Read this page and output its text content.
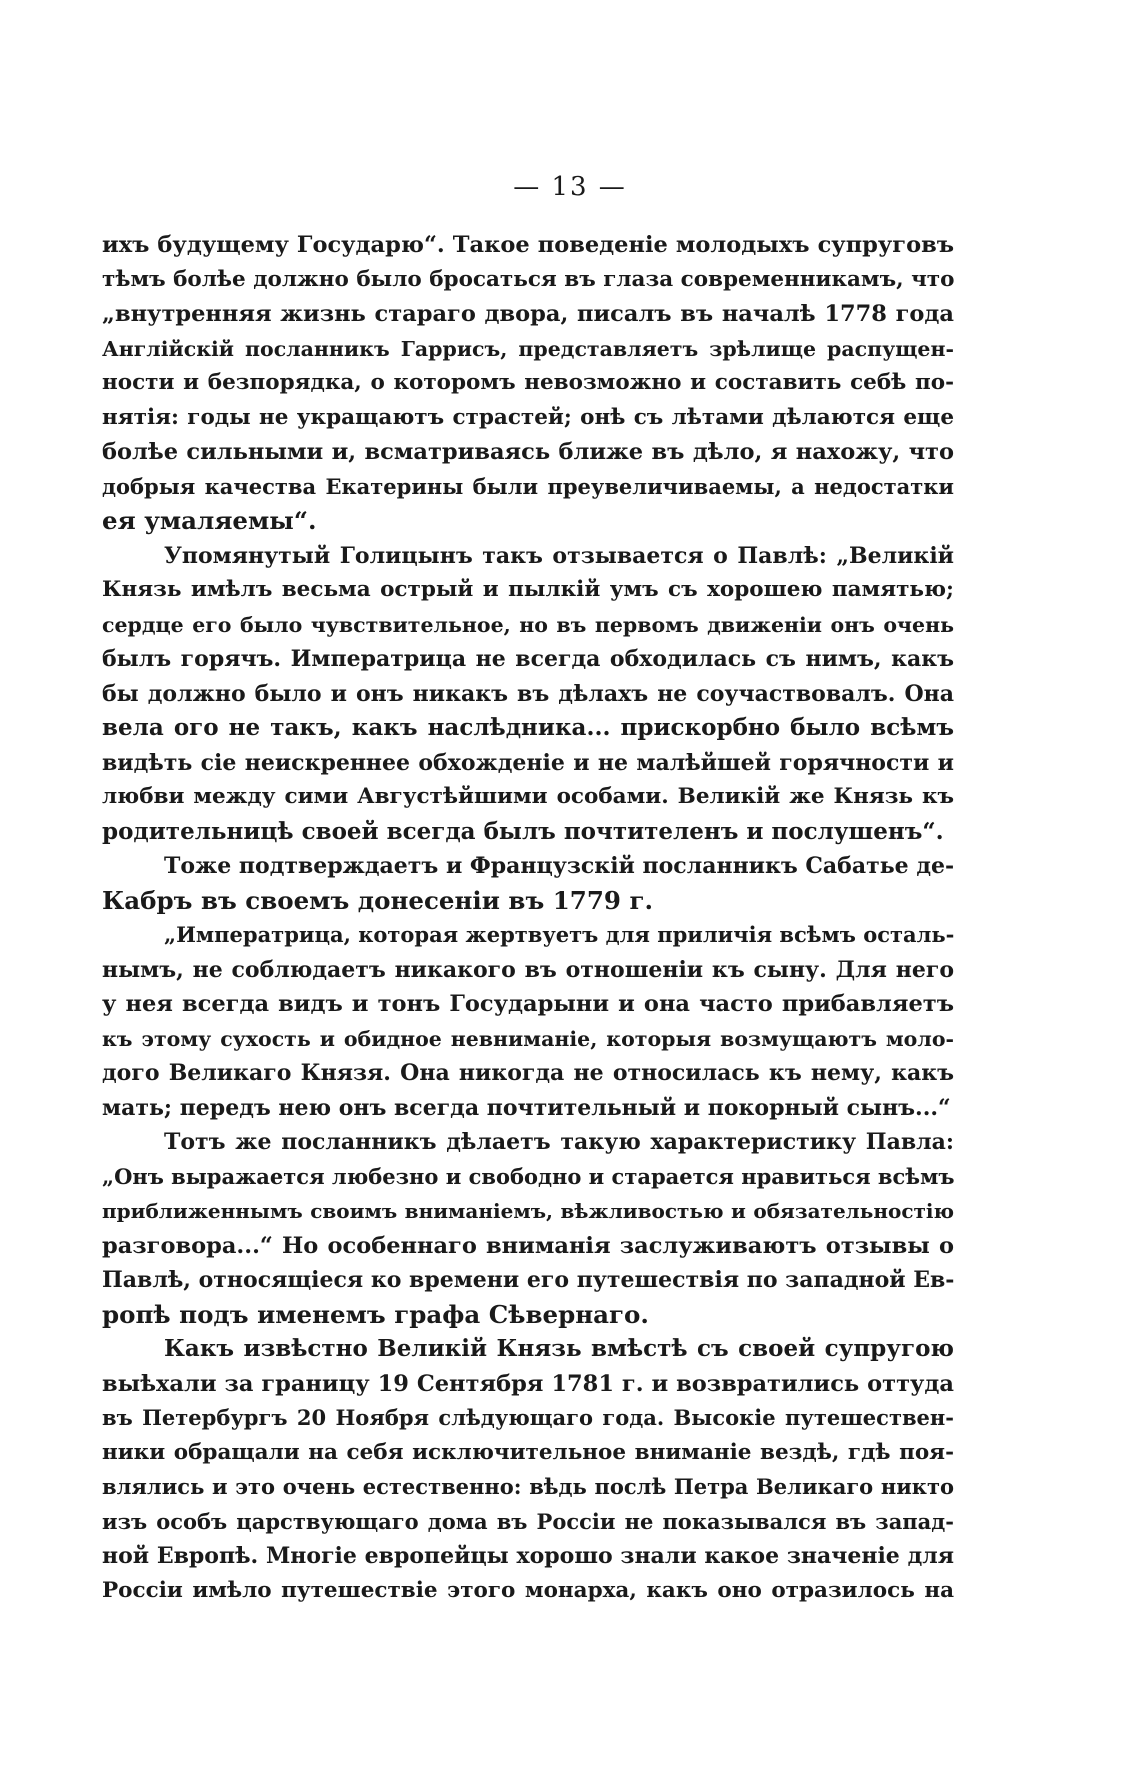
— 13 —
ихъ будущему Государю“. Такое поведеніе молодыхъ супруговъ
тѣмъ болѣе должно было бросаться въ глаза современникамъ, что
„внутренняя жизнь стараго двора, писалъ въ началѣ 1778 года
Англійскій посланникъ Гаррисъ, представляетъ зрѣлище распущен-
ности и безпорядка, о которомъ невозможно и составить себѣ по-
нятія: годы не укращаютъ страстей; онѣ съ лѣтами дѣлаются еще
болѣе сильными и, всматриваясь ближе въ дѣло, я нахожу, что
добрыя качества Екатерины были преувеличиваемы, а недостатки
ея умаляемы“.
Упомянутый Голицынъ такъ отзывается о Павлѣ: „Великій
Князь имѣлъ весьма острый и пылкій умъ съ хорошею памятью;
сердце его было чувствительное, но въ первомъ движеніи онъ очень
былъ горячъ. Императрица не всегда обходилась съ нимъ, какъ
бы должно было и онъ никакъ въ дѣлахъ не соучаствовалъ. Она
вела ого не такъ, какъ наслѣдника... прискорбно было всѣмъ
видѣть сіе неискреннее обхожденіе и не малѣйшей горячности и
любви между сими Августѣйшими особами. Великій же Князь къ
родительницѣ своей всегда былъ почтителенъ и послушенъ“.
Тоже подтверждаетъ и Французскій посланникъ Сабатье де-
Кабръ въ своемъ донесеніи въ 1779 г.
„Императрица, которая жертвуетъ для приличія всѣмъ осталь-
нымъ, не соблюдаетъ никакого въ отношеніи къ сыну. Для него
у нея всегда видъ и тонъ Государыни и она часто прибавляетъ
къ этому сухость и обидное невниманіе, которыя возмущаютъ моло-
дого Великаго Князя. Она никогда не относилась къ нему, какъ
мать; передъ нею онъ всегда почтительный и покорный сынъ...“
Тотъ же посланникъ дѣлаетъ такую характеристику Павла:
„Онъ выражается любезно и свободно и старается нравиться всѣмъ
приближеннымъ своимъ вниманіемъ, вѣжливостью и обязательностію
разговора...“ Но особеннаго вниманія заслуживаютъ отзывы о
Павлѣ, относящіеся ко времени его путешествія по западной Ев-
ропѣ подъ именемъ графа Сѣвернаго.
Какъ извѣстно Великій Князь вмѣстѣ съ своей супругою
выѣхали за границу 19 Сентября 1781 г. и возвратились оттуда
въ Петербургъ 20 Ноября слѣдующаго года. Высокіе путешествен-
ники обращали на себя исключительное вниманіе вездѣ, гдѣ поя-
влялись и это очень естественно: вѣдь послѣ Петра Великаго никто
изъ особъ царствующаго дома въ Россіи не показывался въ запад-
ной Европѣ. Многіе европейцы хорошо знали какое значеніе для
Россіи имѣло путешествіе этого монарха, какъ оно отразилось на
